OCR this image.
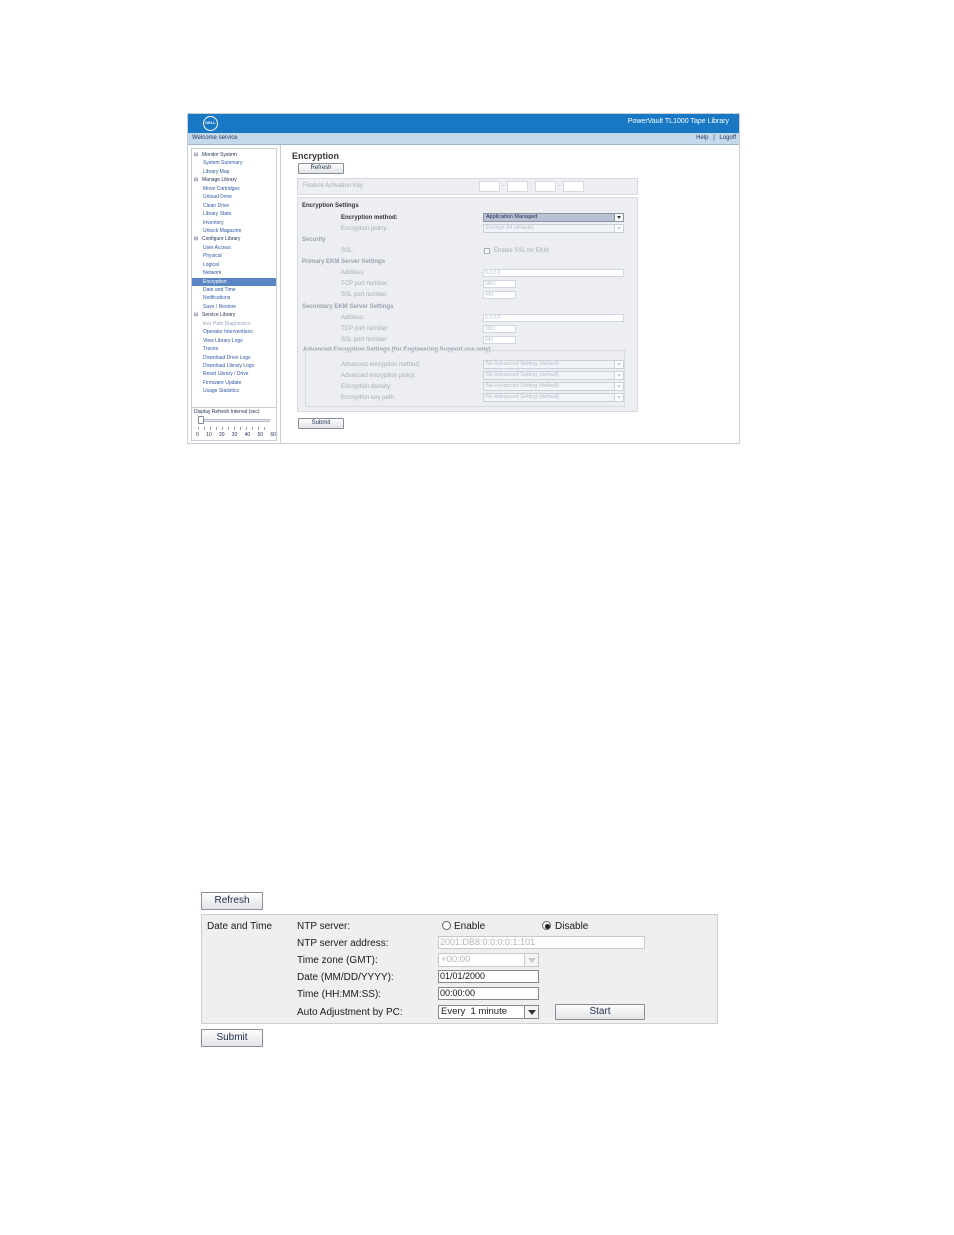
DELL	PowerVault TL1000 Tape Library
Welcome service	Help | Logoff
⊟ Monitor System
System Summary
Library Map
⊟ Manage Library
Move Cartridges
Unload Drive
Clean Drive
Library State
Inventory
Unlock Magazine
⊟ Configure Library
User Access
Physical
Logical
Network
Encryption
Date and Time
Notifications
Save / Restore
⊟ Service Library
Key Path Diagnostics
Operator Interventions
View Library Logs
Traces
Download Drive Logs
Download Library Logs
Reset Library / Drive
Firmware Update
Usage Statistics
Display Refresh Interval (sec)
0 10 20 30 40 50 60
Encryption
Refresh
Feature Activation Key	-	-	-
Encryption Settings
Encryption method:	Application Managed
Encryption policy:	Encrypt All (default)
Security
SSL:	Enable SSL for EKM
Primary EKM Server Settings
Address:	0.0.0.0
TCP port number:	3801
SSL port number:	443
Secondary EKM Server Settings
Address:	0.0.0.0
TCP port number:	3801
SSL port number:	443
Advanced Encryption Settings (for Engineering Support use only)
Advanced encryption method:	No Advanced Setting (default)
Advanced encryption policy:	No Advanced Setting (default)
Encryption density:	No Advanced Setting (default)
Encryption key path:	No Advanced Setting (default)
Submit
Refresh
Date and Time NTP server:	Enable	Disable
NTP server address:	2001:DB8:0:0:0:0:1:101
Time zone (GMT):	+00:00
Date (MM/DD/YYYY):	01/01/2000
Time (HH:MM:SS):	00:00:00
Auto Adjustment by PC:	Every  1 minute	Start
Submit
